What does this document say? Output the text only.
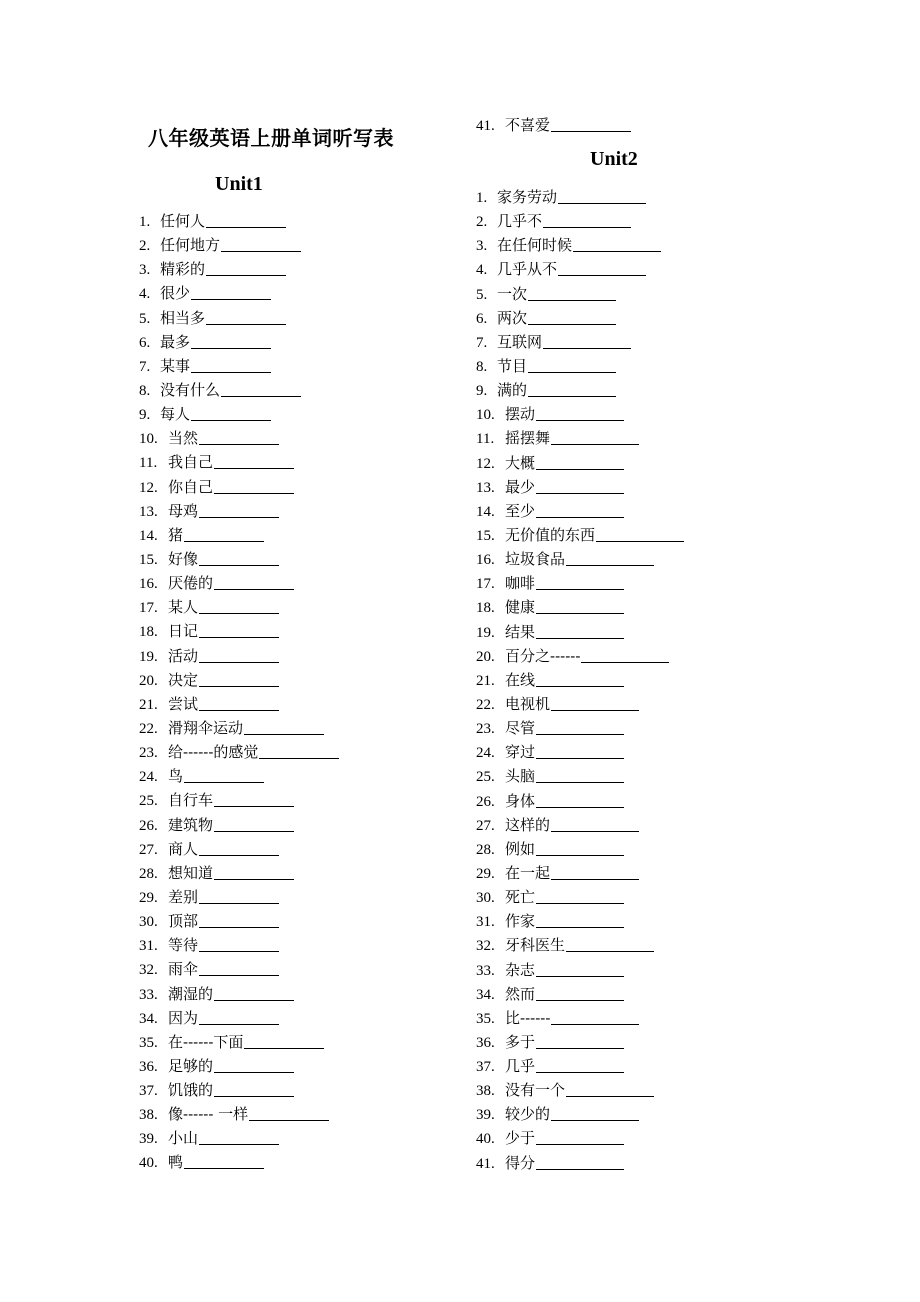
八年级英语上册单词听写表
Unit1
1. 任何人
2. 任何地方
3. 精彩的
4. 很少
5. 相当多
6. 最多
7. 某事
8. 没有什么
9. 每人
10. 当然
11. 我自己
12. 你自己
13. 母鸡
14. 猪
15. 好像
16. 厌倦的
17. 某人
18. 日记
19. 活动
20. 决定
21. 尝试
22. 滑翔伞运动
23. 给------的感觉
24. 鸟
25. 自行车
26. 建筑物
27. 商人
28. 想知道
29. 差别
30. 顶部
31. 等待
32. 雨伞
33. 潮湿的
34. 因为
35. 在------下面
36. 足够的
37. 饥饿的
38. 像------ 一样
39. 小山
40. 鸭
41. 不喜爱
Unit2
1. 家务劳动
2. 几乎不
3. 在任何时候
4. 几乎从不
5. 一次
6. 两次
7. 互联网
8. 节目
9. 满的
10. 摆动
11. 摇摆舞
12. 大概
13. 最少
14. 至少
15. 无价值的东西
16. 垃圾食品
17. 咖啡
18. 健康
19. 结果
20. 百分之------
21. 在线
22. 电视机
23. 尽管
24. 穿过
25. 头脑
26. 身体
27. 这样的
28. 例如
29. 在一起
30. 死亡
31. 作家
32. 牙科医生
33. 杂志
34. 然而
35. 比------
36. 多于
37. 几乎
38. 没有一个
39. 较少的
40. 少于
41. 得分
